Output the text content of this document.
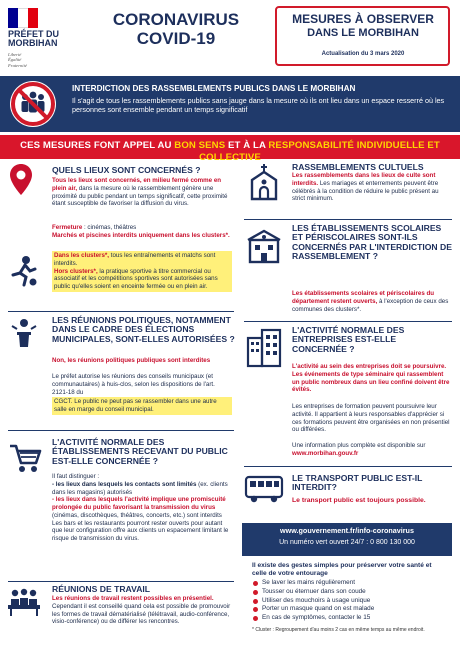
PRÉFET DU MORBIHAN
Liberté
Égalité
Fraternité
CORONAVIRUS
COVID-19
MESURES À OBSERVER
DANS LE MORBIHAN
Actualisation du 3 mars 2020
INTERDICTION DES RASSEMBLEMENTS PUBLICS DANS LE MORBIHAN
Il s'agit de tous les rassemblements publics sans jauge dans la mesure où ils ont lieu dans un espace resserré où les personnes sont ensemble pendant un temps significatif
CES MESURES FONT APPEL AU BON SENS ET À LA RESPONSABILITÉ INDIVIDUELLE ET COLLECTIVE
QUELS LIEUX SONT CONCERNÉS ?
Tous les lieux sont concernés, en milieu fermé comme en plein air, dans la mesure où le rassemblement génère une proximité du public pendant un temps significatif, cette proximité étant susceptible de favoriser la diffusion du virus.
Fermeture : cinémas, théâtres
Marchés et piscines interdits uniquement dans les clusters*.
Dans les clusters*, tous les entraînements et matchs sont interdits.
Hors clusters*, la pratique sportive à titre commercial ou associatif et les compétitions sportives sont autorisées sans public qu'elles soient en enceinte fermée ou en plein air.
LES RÉUNIONS POLITIQUES, NOTAMMENT DANS LE CADRE DES ÉLECTIONS MUNICIPALES, SONT-ELLES AUTORISÉES ?
Non, les réunions politiques publiques sont interdites
Le préfet autorise les réunions des conseils municipaux (et communautaires) à huis-clos, selon les dispositions de l'art. 2121-18 du
CGCT. Le public ne peut pas se rassembler dans une autre salle en marge du conseil municipal.
L'ACTIVITÉ NORMALE DES ÉTABLISSEMENTS RECEVANT DU PUBLIC EST-ELLE CONCERNÉE ?
Il faut distinguer :
- les lieux dans lesquels les contacts sont limités (ex. clients dans les magasins) autorisés
- les lieux dans lesquels l'activité implique une promiscuité prolongée du public favorisant la transmission du virus (cinémas, discothèques, théâtres, concerts, etc.) sont interdits
Les bars et les restaurants pourront rester ouverts pour autant que leur configuration offre aux clients un espacement limitant le risque de transmission du virus.
RÉUNIONS DE TRAVAIL
Les réunions de travail restent possibles en présentiel. Cependant il est conseillé quand cela est possible de promouvoir les formes de travail dématérialisé (télétravail, audio-conférence, visio-conférence) ou de différer les rencontres.
RASSEMBLEMENTS CULTUELS
Les rassemblements dans les lieux de culte sont interdits. Les mariages et enterrements peuvent être célébrés à la condition de réduire le public présent au strict minimum.
LES ÉTABLISSEMENTS SCOLAIRES ET PÉRISCOLAIRES SONT-ILS CONCERNÉS PAR L'INTERDICTION DE RASSEMBLEMENT ?
Les établissements scolaires et périscolaires du département restent ouverts, à l'exception de ceux des communes des clusters*.
L'ACTIVITÉ NORMALE DES ENTREPRISES EST-ELLE CONCERNÉE ?
L'activité au sein des entreprises doit se poursuivre. Les événements de type séminaire qui rassemblent un public nombreux dans un lieu confiné doivent être évités.
Les entreprises de formation peuvent poursuivre leur activité. Il appartient à leurs responsables d'apprécier si ces formations peuvent être organisées en non présentiel ou différées.
Une information plus complète est disponible sur www.morbihan.gouv.fr
LE TRANSPORT PUBLIC EST-IL INTERDIT?
Le transport public est toujours possible.
www.gouvernement.fr/info-coronavirus
Un numéro vert ouvert 24/7 : 0 800 130 000
Il existe des gestes simples pour préserver votre santé et celle de votre entourage
Se laver les mains régulièrement
Tousser ou éternuer dans son coude
Utiliser des mouchoirs à usage unique
Porter un masque quand on est malade
En cas de symptômes, contacter le 15
* Cluster : Regroupement d'au moins 2 cas en même temps au même endroit.
